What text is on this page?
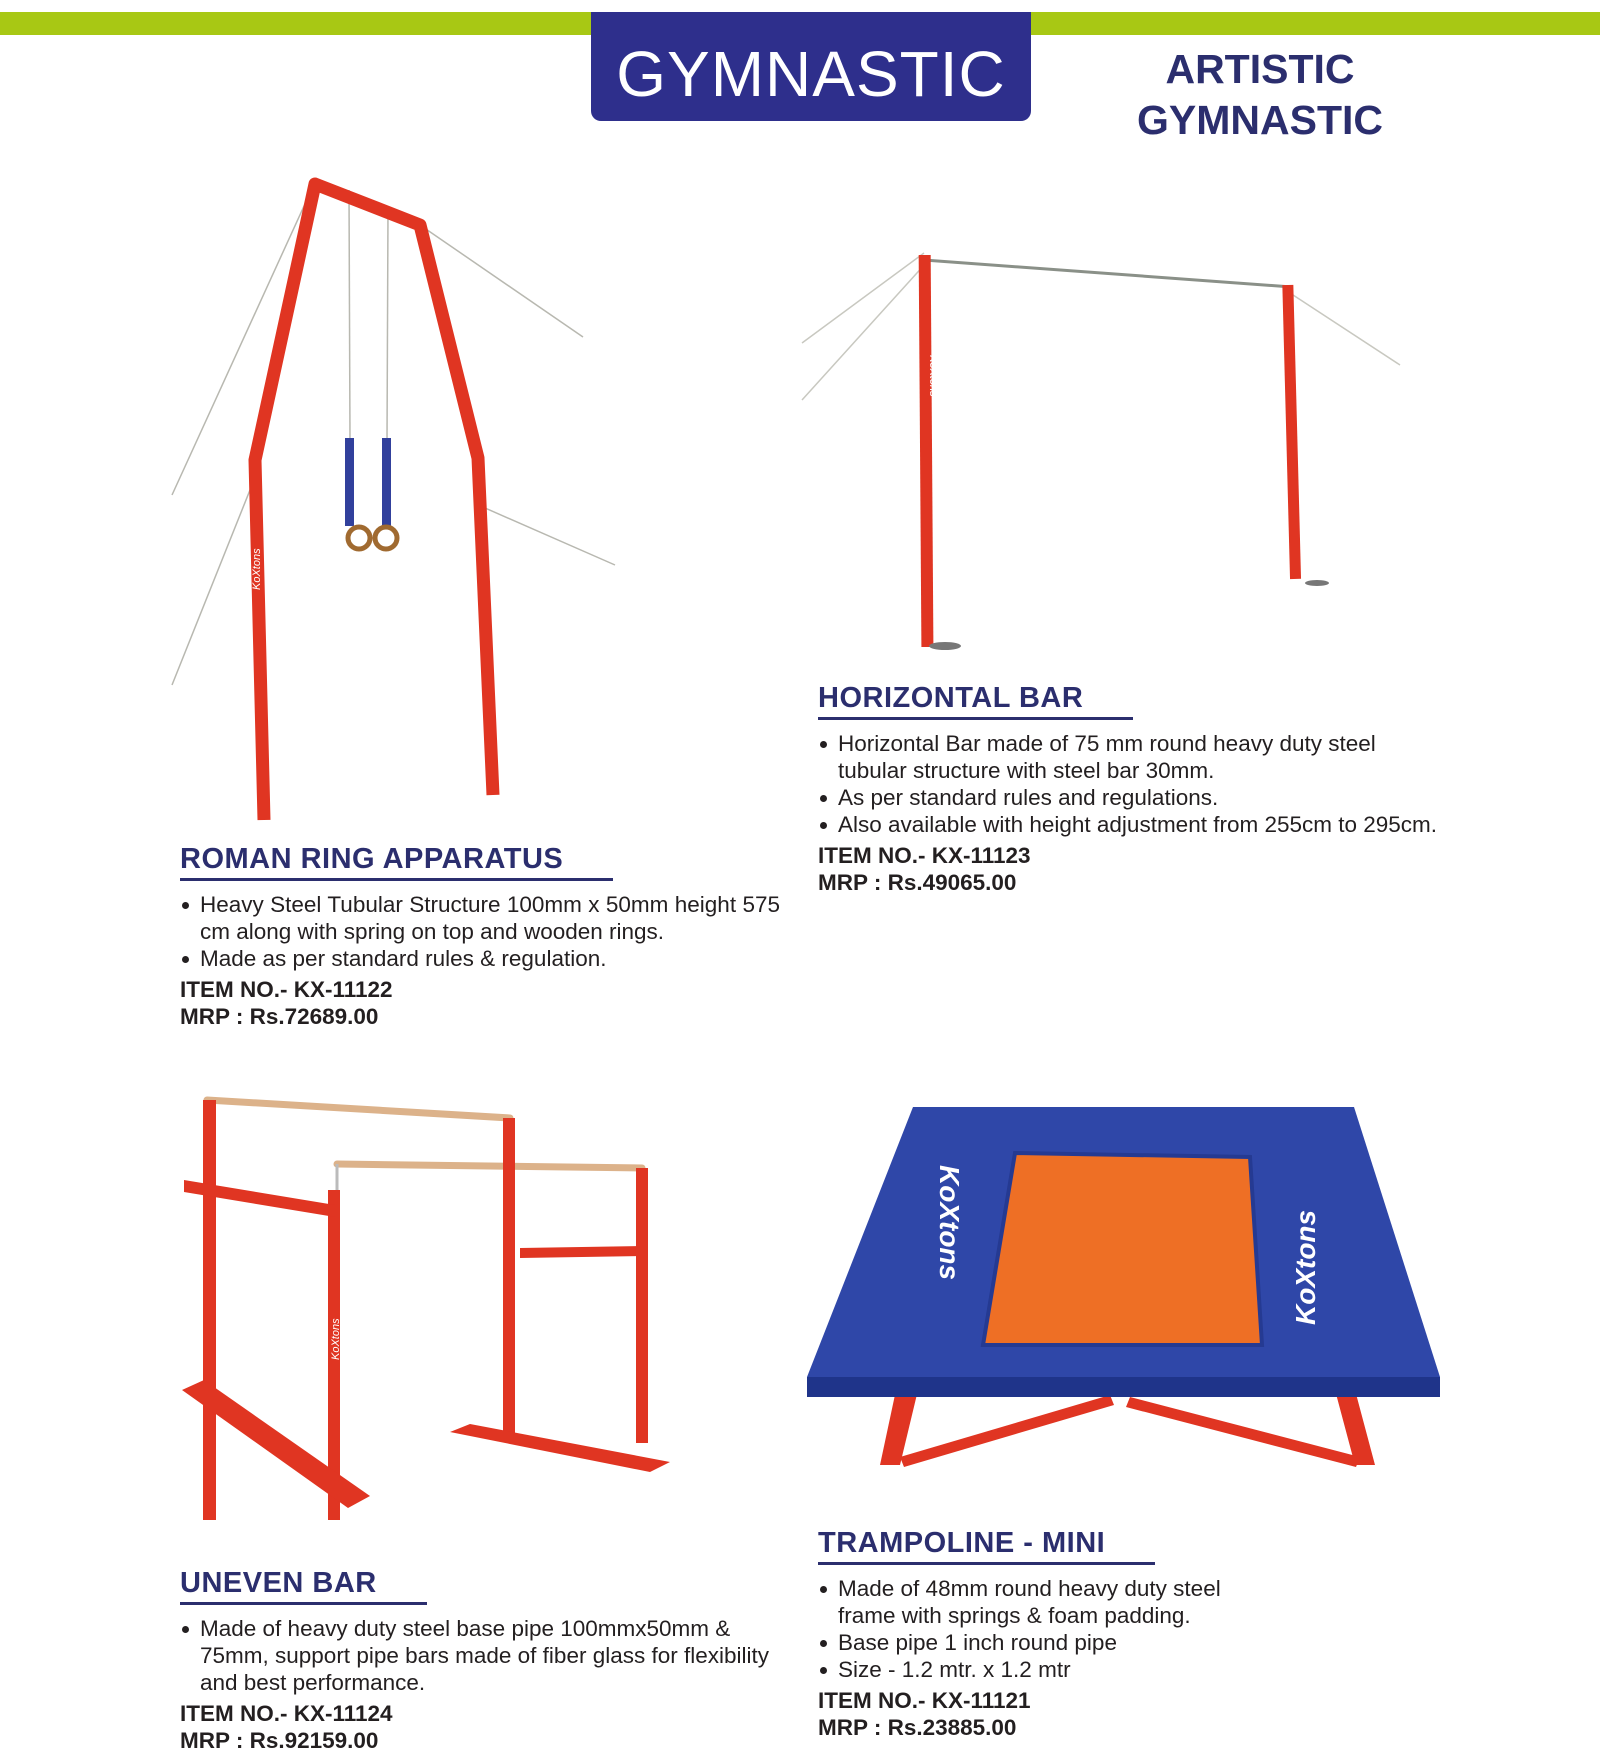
GYMNASTIC	ARTISTIC
GYMNASTIC
KoXtons
KoXtons
KoXtons
KoXtons	KoXtons
ROMAN RING APPARATUS
Heavy Steel Tubular Structure 100mm x 50mm height 575 cm along with spring on top and wooden rings.
Made as per standard rules & regulation.
ITEM NO.- KX-11122
MRP : Rs.72689.00
HORIZONTAL BAR
Horizontal Bar made of 75 mm round heavy duty steel tubular structure with steel bar 30mm.
As per standard rules and regulations.
Also available with height adjustment from 255cm to 295cm.
ITEM NO.- KX-11123
MRP : Rs.49065.00
UNEVEN BAR
Made of heavy duty steel base pipe 100mmx50mm & 75mm, support pipe bars made of fiber glass for flexibility and best performance.
ITEM NO.- KX-11124
MRP : Rs.92159.00
TRAMPOLINE - MINI
Made of 48mm round heavy duty steel frame with springs & foam padding.
Base pipe 1 inch round pipe
Size - 1.2 mtr. x 1.2 mtr
ITEM NO.- KX-11121
MRP : Rs.23885.00
